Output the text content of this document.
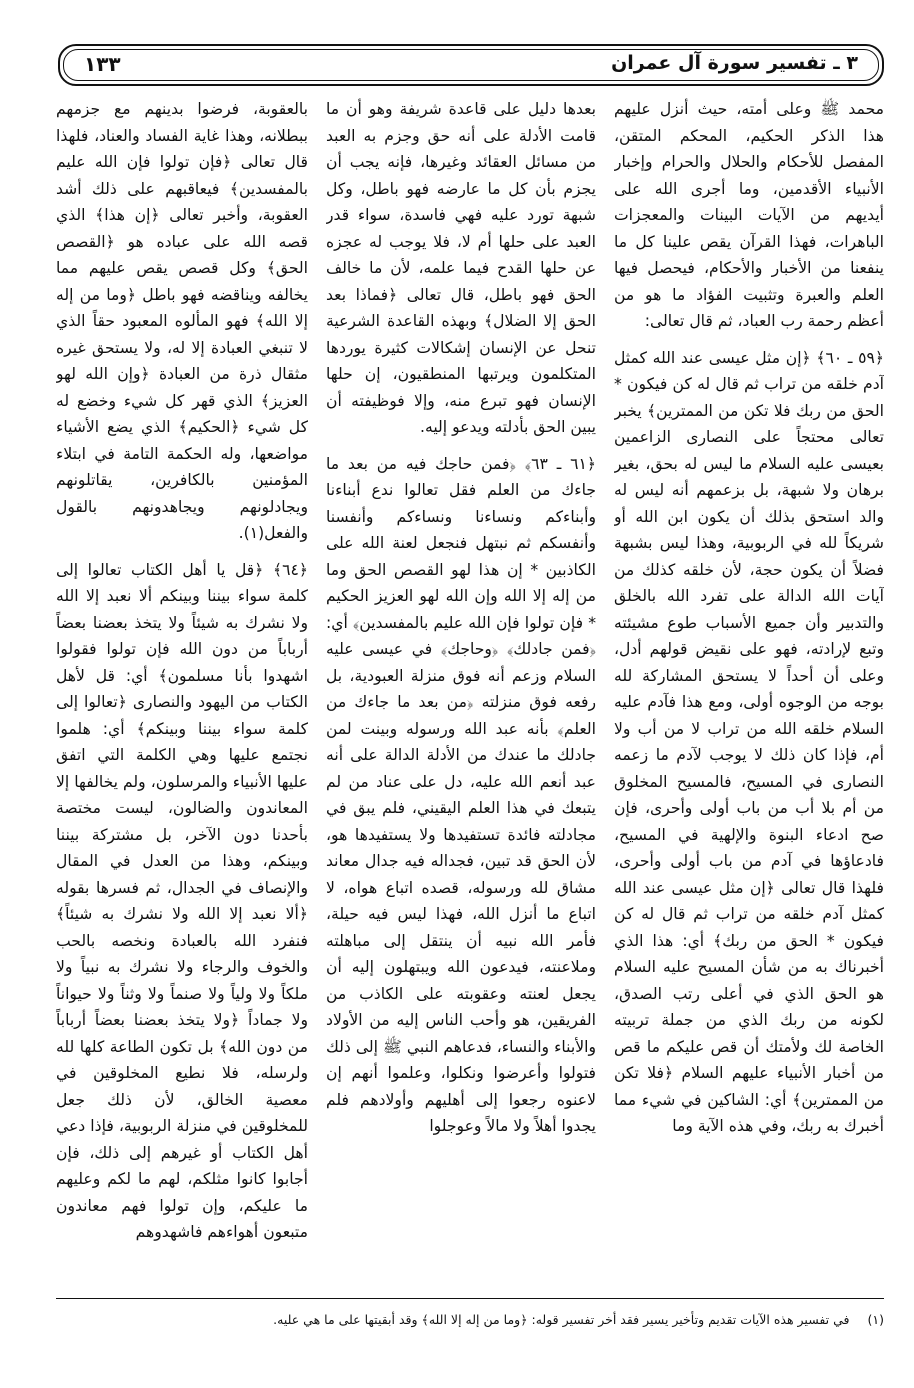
٣ ـ تفسير سورة آل عمران
١٣٣

محمد ﷺ وعلى أمته، حيث أنزل عليهم هذا الذكر الحكيم، المحكم المتقن، المفصل للأحكام والحلال والحرام وإخبار الأنبياء الأقدمين، وما أجرى الله على أيديهم من الآيات البينات والمعجزات الباهرات، فهذا القرآن يقص علينا كل ما ينفعنا من الأخبار والأحكام، فيحصل فيها العلم والعبرة وتثبيت الفؤاد ما هو من أعظم رحمة رب العباد، ثم قال تعالى:

﴿٥٩ ـ ٦٠﴾ ﴿إن مثل عيسى عند الله كمثل آدم خلقه من تراب ثم قال له كن فيكون * الحق من ربك فلا تكن من الممترين﴾ يخبر تعالى محتجاً على النصارى الزاعمين بعيسى عليه السلام ما ليس له بحق، بغير برهان ولا شبهة، بل بزعمهم أنه ليس له والد استحق بذلك أن يكون ابن الله أو شريكاً لله في الربوبية، وهذا ليس بشبهة فضلاً أن يكون حجة، لأن خلقه كذلك من آيات الله الدالة على تفرد الله بالخلق والتدبير وأن جميع الأسباب طوع مشيئته وتبع لإرادته، فهو على نقيض قولهم أدل، وعلى أن أحداً لا يستحق المشاركة لله بوجه من الوجوه أولى، ومع هذا فآدم عليه السلام خلقه الله من تراب لا من أب ولا أم، فإذا كان ذلك لا يوجب لآدم ما زعمه النصارى في المسيح، فالمسيح المخلوق من أم بلا أب من باب أولى وأحرى، فإن صح ادعاء البنوة والإلهية في المسيح، فادعاؤها في آدم من باب أولى وأحرى، فلهذا قال تعالى ﴿إن مثل عيسى عند الله كمثل آدم خلقه من تراب ثم قال له كن فيكون * الحق من ربك﴾ أي: هذا الذي أخبرناك به من شأن المسيح عليه السلام هو الحق الذي في أعلى رتب الصدق، لكونه من ربك الذي من جملة تربيته الخاصة لك ولأمتك أن قص عليكم ما قص من أخبار الأنبياء عليهم السلام ﴿فلا تكن من الممترين﴾ أي: الشاكين في شيء مما أخبرك به ربك، وفي هذه الآية وما

بعدها دليل على قاعدة شريفة وهو أن ما قامت الأدلة على أنه حق وجزم به العبد من مسائل العقائد وغيرها، فإنه يجب أن يجزم بأن كل ما عارضه فهو باطل، وكل شبهة تورد عليه فهي فاسدة، سواء قدر العبد على حلها أم لا، فلا يوجب له عجزه عن حلها القدح فيما علمه، لأن ما خالف الحق فهو باطل، قال تعالى ﴿فماذا بعد الحق إلا الضلال﴾ وبهذه القاعدة الشرعية تنحل عن الإنسان إشكالات كثيرة يوردها المتكلمون ويرتبها المنطقيون، إن حلها الإنسان فهو تبرع منه، وإلا فوظيفته أن يبين الحق بأدلته ويدعو إليه.

﴿٦١ ـ ٦٣﴾ ﴿فمن حاجك فيه من بعد ما جاءك من العلم فقل تعالوا ندع أبناءنا وأبناءكم ونساءنا ونساءكم وأنفسنا وأنفسكم ثم نبتهل فنجعل لعنة الله على الكاذبين * إن هذا لهو القصص الحق وما من إله إلا الله وإن الله لهو العزيز الحكيم * فإن تولوا فإن الله عليم بالمفسدين﴾ أي: ﴿فمن جادلك﴾ ﴿وحاجك﴾ في عيسى عليه السلام وزعم أنه فوق منزلة العبودية، بل رفعه فوق منزلته ﴿من بعد ما جاءك من العلم﴾ بأنه عبد الله ورسوله وبينت لمن جادلك ما عندك من الأدلة الدالة على أنه عبد أنعم الله عليه، دل على عناد من لم يتبعك في هذا العلم اليقيني، فلم يبق في مجادلته فائدة تستفيدها ولا يستفيدها هو، لأن الحق قد تبين، فجداله فيه جدال معاند مشاق لله ورسوله، قصده اتباع هواه، لا اتباع ما أنزل الله، فهذا ليس فيه حيلة، فأمر الله نبيه أن ينتقل إلى مباهلته وملاعنته، فيدعون الله ويبتهلون إليه أن يجعل لعنته وعقوبته على الكاذب من الفريقين، هو وأحب الناس إليه من الأولاد والأبناء والنساء، فدعاهم النبي ﷺ إلى ذلك فتولوا وأعرضوا ونكلوا، وعلموا أنهم إن لاعنوه رجعوا إلى أهليهم وأولادهم فلم يجدوا أهلاً ولا مالاً وعوجلوا

بالعقوبة، فرضوا بدينهم مع جزمهم ببطلانه، وهذا غاية الفساد والعناد، فلهذا قال تعالى ﴿فإن تولوا فإن الله عليم بالمفسدين﴾ فيعاقبهم على ذلك أشد العقوبة، وأخبر تعالى ﴿إن هذا﴾ الذي قصه الله على عباده هو ﴿القصص الحق﴾ وكل قصص يقص عليهم مما يخالفه ويناقضه فهو باطل ﴿وما من إله إلا الله﴾ فهو المألوه المعبود حقاً الذي لا تنبغي العبادة إلا له، ولا يستحق غيره مثقال ذرة من العبادة ﴿وإن الله لهو العزيز﴾ الذي قهر كل شيء وخضع له كل شيء ﴿الحكيم﴾ الذي يضع الأشياء مواضعها، وله الحكمة التامة في ابتلاء المؤمنين بالكافرين، يقاتلونهم ويجادلونهم ويجاهدونهم بالقول والفعل(١).

﴿٦٤﴾ ﴿قل يا أهل الكتاب تعالوا إلى كلمة سواء بيننا وبينكم ألا نعبد إلا الله ولا نشرك به شيئاً ولا يتخذ بعضنا بعضاً أرباباً من دون الله فإن تولوا فقولوا اشهدوا بأنا مسلمون﴾ أي: قل لأهل الكتاب من اليهود والنصارى ﴿تعالوا إلى كلمة سواء بيننا وبينكم﴾ أي: هلموا نجتمع عليها وهي الكلمة التي اتفق عليها الأنبياء والمرسلون، ولم يخالفها إلا المعاندون والضالون، ليست مختصة بأحدنا دون الآخر، بل مشتركة بيننا وبينكم، وهذا من العدل في المقال والإنصاف في الجدال، ثم فسرها بقوله ﴿ألا نعبد إلا الله ولا نشرك به شيئاً﴾ فنفرد الله بالعبادة ونخصه بالحب والخوف والرجاء ولا نشرك به نبياً ولا ملكاً ولا ولياً ولا صنماً ولا وثناً ولا حيواناً ولا جماداً ﴿ولا يتخذ بعضنا بعضاً أرباباً من دون الله﴾ بل تكون الطاعة كلها لله ولرسله، فلا نطيع المخلوقين في معصية الخالق، لأن ذلك جعل للمخلوقين في منزلة الربوبية، فإذا دعي أهل الكتاب أو غيرهم إلى ذلك، فإن أجابوا كانوا مثلكم، لهم ما لكم وعليهم ما عليكم، وإن تولوا فهم معاندون متبعون أهواءهم فاشهدوهم

(١) في تفسير هذه الآيات تقديم وتأخير يسير فقد أخر تفسير قوله: ﴿وما من إله إلا الله﴾ وقد أبقيتها على ما هي عليه.
